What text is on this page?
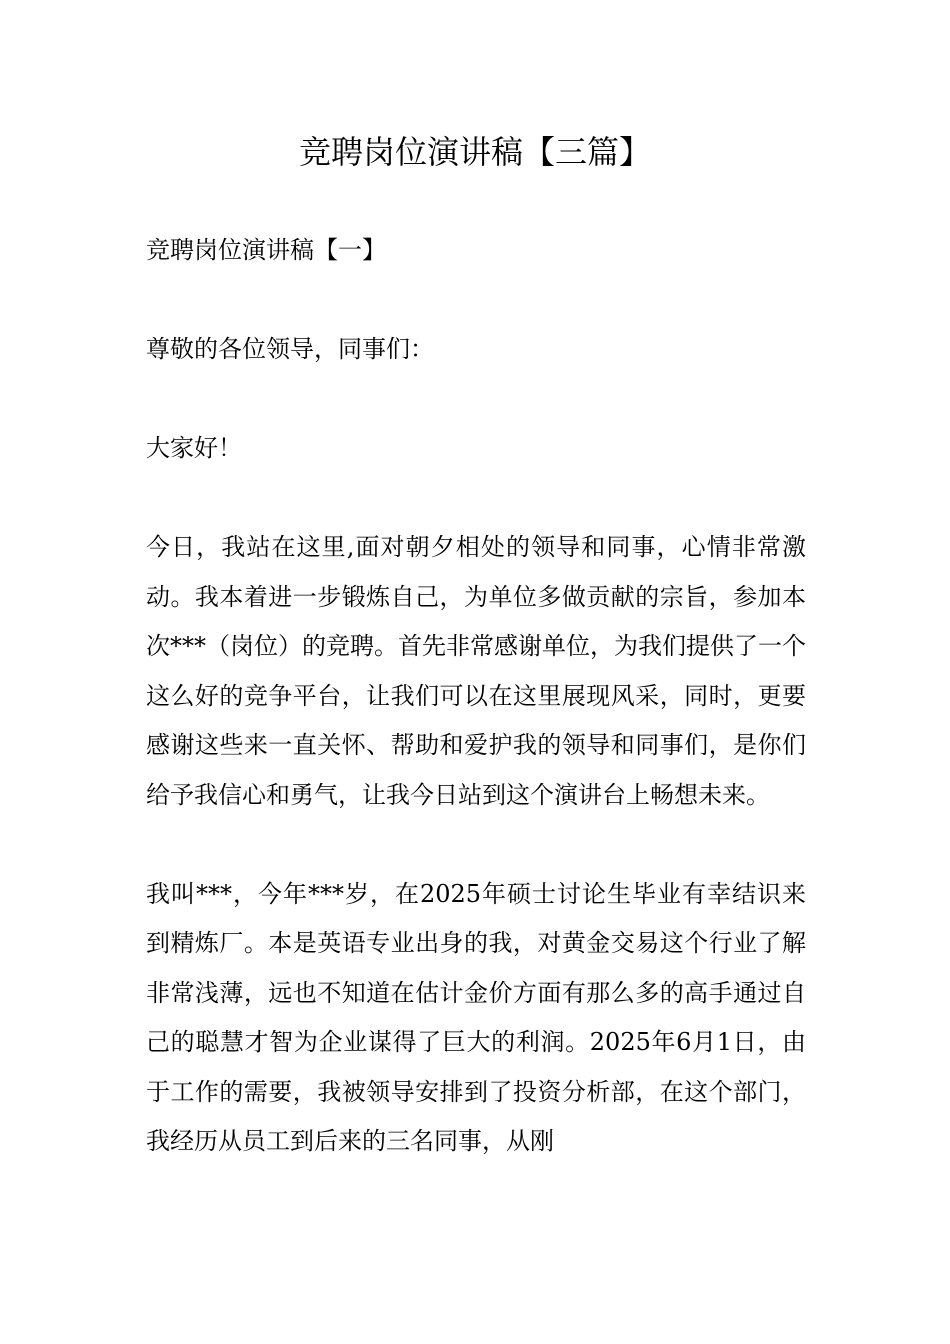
竞聘岗位演讲稿【三篇】

竞聘岗位演讲稿【一】

尊敬的各位领导，同事们：

大家好！

今日，我站在这里,面对朝夕相处的领导和同事，心情非常激动。我本着进一步锻炼自己，为单位多做贡献的宗旨，参加本次***（岗位）的竞聘。首先非常感谢单位，为我们提供了一个这么好的竞争平台，让我们可以在这里展现风采，同时，更要感谢这些来一直关怀、帮助和爱护我的领导和同事们，是你们给予我信心和勇气，让我今日站到这个演讲台上畅想未来。

我叫***，今年***岁，在2025年硕士讨论生毕业有幸结识来到精炼厂。本是英语专业出身的我，对黄金交易这个行业了解非常浅薄，远也不知道在估计金价方面有那么多的高手通过自己的聪慧才智为企业谋得了巨大的利润。2025年6月1日，由于工作的需要，我被领导安排到了投资分析部，在这个部门，我经历从员工到后来的三名同事，从刚
